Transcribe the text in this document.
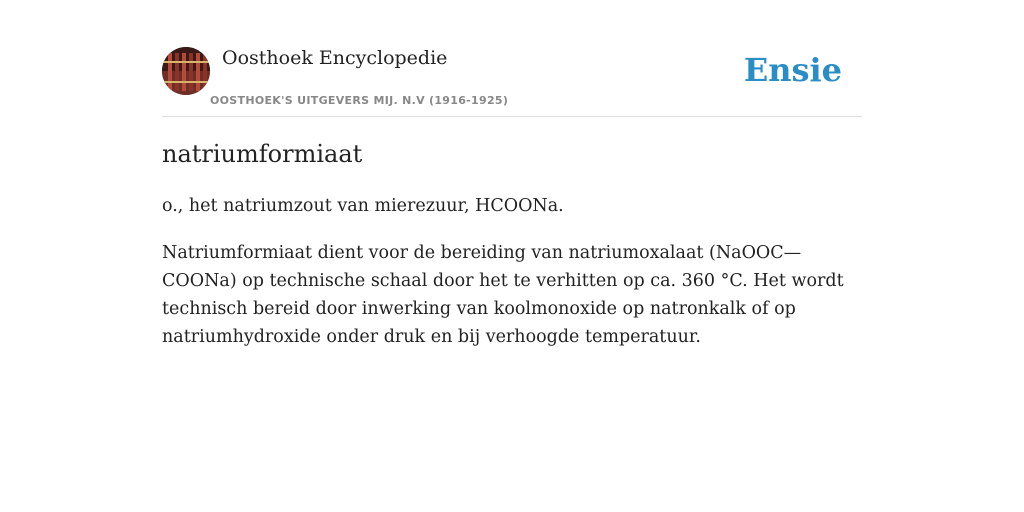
Oosthoek Encyclopedie
OOSTHOEK'S UITGEVERS MIJ. N.V (1916-1925)
Ensie
natriumformiaat

o., het natriumzout van mierezuur, HCOONa.

Natriumformiaat dient voor de bereiding van natriumoxalaat (NaOOC—COONa) op technische schaal door het te verhitten op ca. 360 °C. Het wordt technisch bereid door inwerking van koolmonoxide op natronkalk of op natriumhydroxide onder druk en bij verhoogde temperatuur.
